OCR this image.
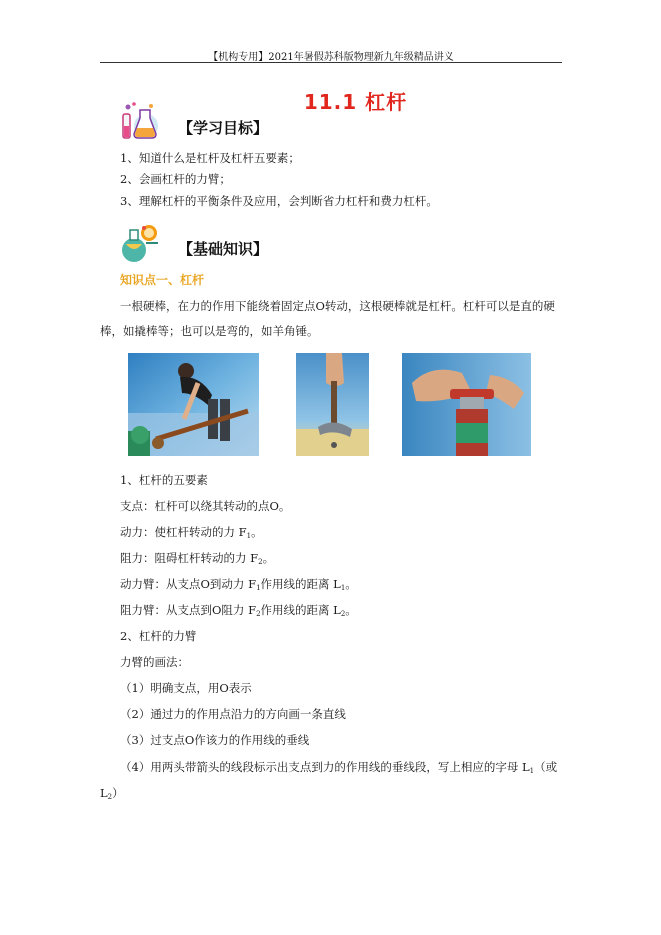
【机构专用】2021年暑假苏科版物理新九年级精品讲义
11.1 杠杆
【学习目标】
1、知道什么是杠杆及杠杆五要素；
2、会画杠杆的力臂；
3、理解杠杆的平衡条件及应用，会判断省力杠杆和费力杠杆。
【基础知识】
知识点一、杠杆
一根硬棒，在力的作用下能绕着固定点O转动，这根硬棒就是杠杆。杠杆可以是直的硬
棒，如撬棒等；也可以是弯的，如羊角锤。
1、杠杆的五要素
支点：杠杆可以绕其转动的点O。
动力：使杠杆转动的力 $F_1$。
阻力：阻碍杠杆转动的力 $F_2$。
动力臂：从支点O到动力 $F_1$作用线的距离 $L_1$。
阻力臂：从支点到O阻力 $F_2$作用线的距离 $L_2$。
2、杠杆的力臂
力臂的画法：
（1）明确支点，用O表示
（2）通过力的作用点沿力的方向画一条直线
（3）过支点O作该力的作用线的垂线
（4）用两头带箭头的线段标示出支点到力的作用线的垂线段，写上相应的字母 $L_1$（或
$L_2$）
